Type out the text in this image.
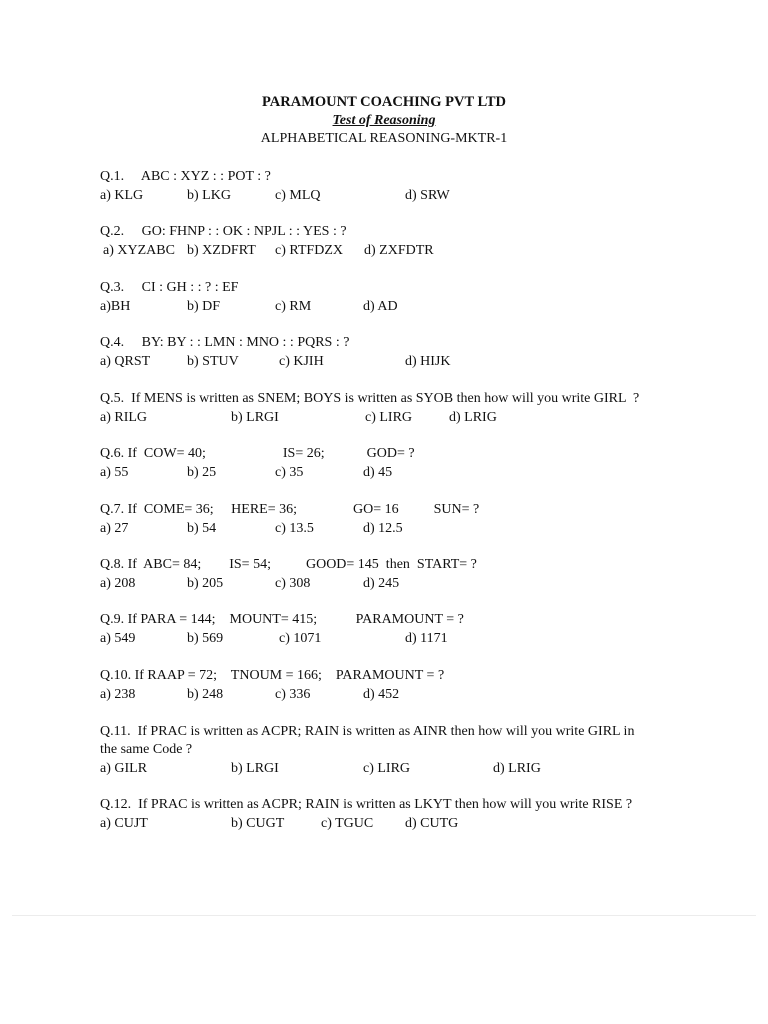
PARAMOUNT COACHING PVT LTD
Test of Reasoning
ALPHABETICAL REASONING-MKTR-1
Q.1.     ABC : XYZ : : POT : ?
a) KLG	b) LKG	c) MLQ	d) SRW
Q.2.     GO: FHNP : : OK : NPJL : : YES : ?
a) XYZABC b) XZDFRT c) RTFDZX d) ZXFDTR
Q.3.     CI : GH : : ? : EF
a)BH	b) DF	c) RM	d) AD
Q.4.     BY: BY : : LMN : MNO : : PQRS : ?
a) QRST	b) STUV	c) KJIH	d) HIJK
Q.5.  If MENS is written as SNEM; BOYS is written as SYOB then how will you write GIRL  ?
a) RILG	b) LRGI	c) LIRG	d) LRIG
Q.6. If  COW= 40;                      IS= 26;            GOD= ?
a) 55	b) 25	c) 35	d) 45
Q.7. If  COME= 36;     HERE= 36;                GO= 16          SUN= ?
a) 27	b) 54	c) 13.5	d) 12.5
Q.8. If  ABC= 84;        IS= 54;          GOOD= 145  then  START= ?
a) 208	b) 205	c) 308	d) 245
Q.9. If PARA = 144;    MOUNT= 415;           PARAMOUNT = ?
a) 549	b) 569	c) 1071	d) 1171
Q.10. If RAAP = 72;    TNOUM = 166;    PARAMOUNT = ?
a) 238	b) 248	c) 336	d) 452
Q.11.  If PRAC is written as ACPR; RAIN is written as AINR then how will you write GIRL in
the same Code ?
a) GILR	b) LRGI	c) LIRG	d) LRIG
Q.12.  If PRAC is written as ACPR; RAIN is written as LKYT then how will you write RISE ?
a) CUJT	b) CUGT	c) TGUC d) CUTG
